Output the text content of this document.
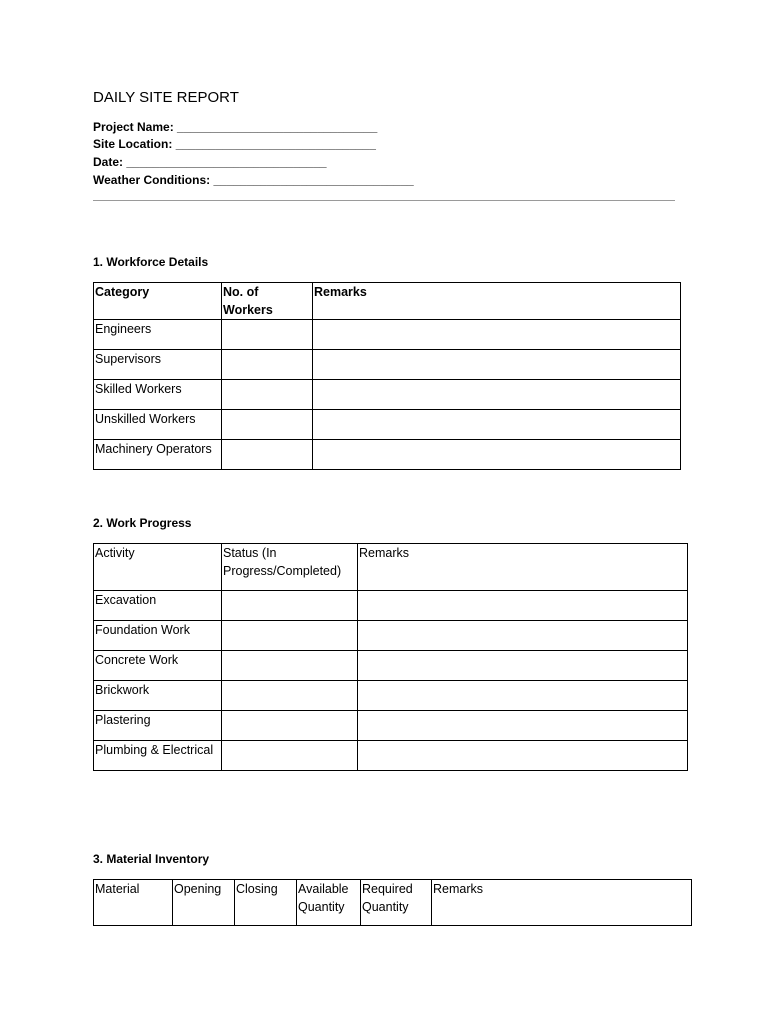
DAILY SITE REPORT
Project Name: ______________________________
Site Location: ______________________________
Date: ______________________________
Weather Conditions: ______________________________
1. Workforce Details
Category	No. of Workers	Remarks
Engineers		
Supervisors		
Skilled Workers		
Unskilled Workers		
Machinery Operators		
2. Work Progress
Activity	Status (In Progress/Completed)	Remarks
Excavation		
Foundation Work		
Concrete Work		
Brickwork		
Plastering		
Plumbing & Electrical		
3. Material Inventory
Material	Opening	Closing	Available Quantity	Required Quantity	Remarks
